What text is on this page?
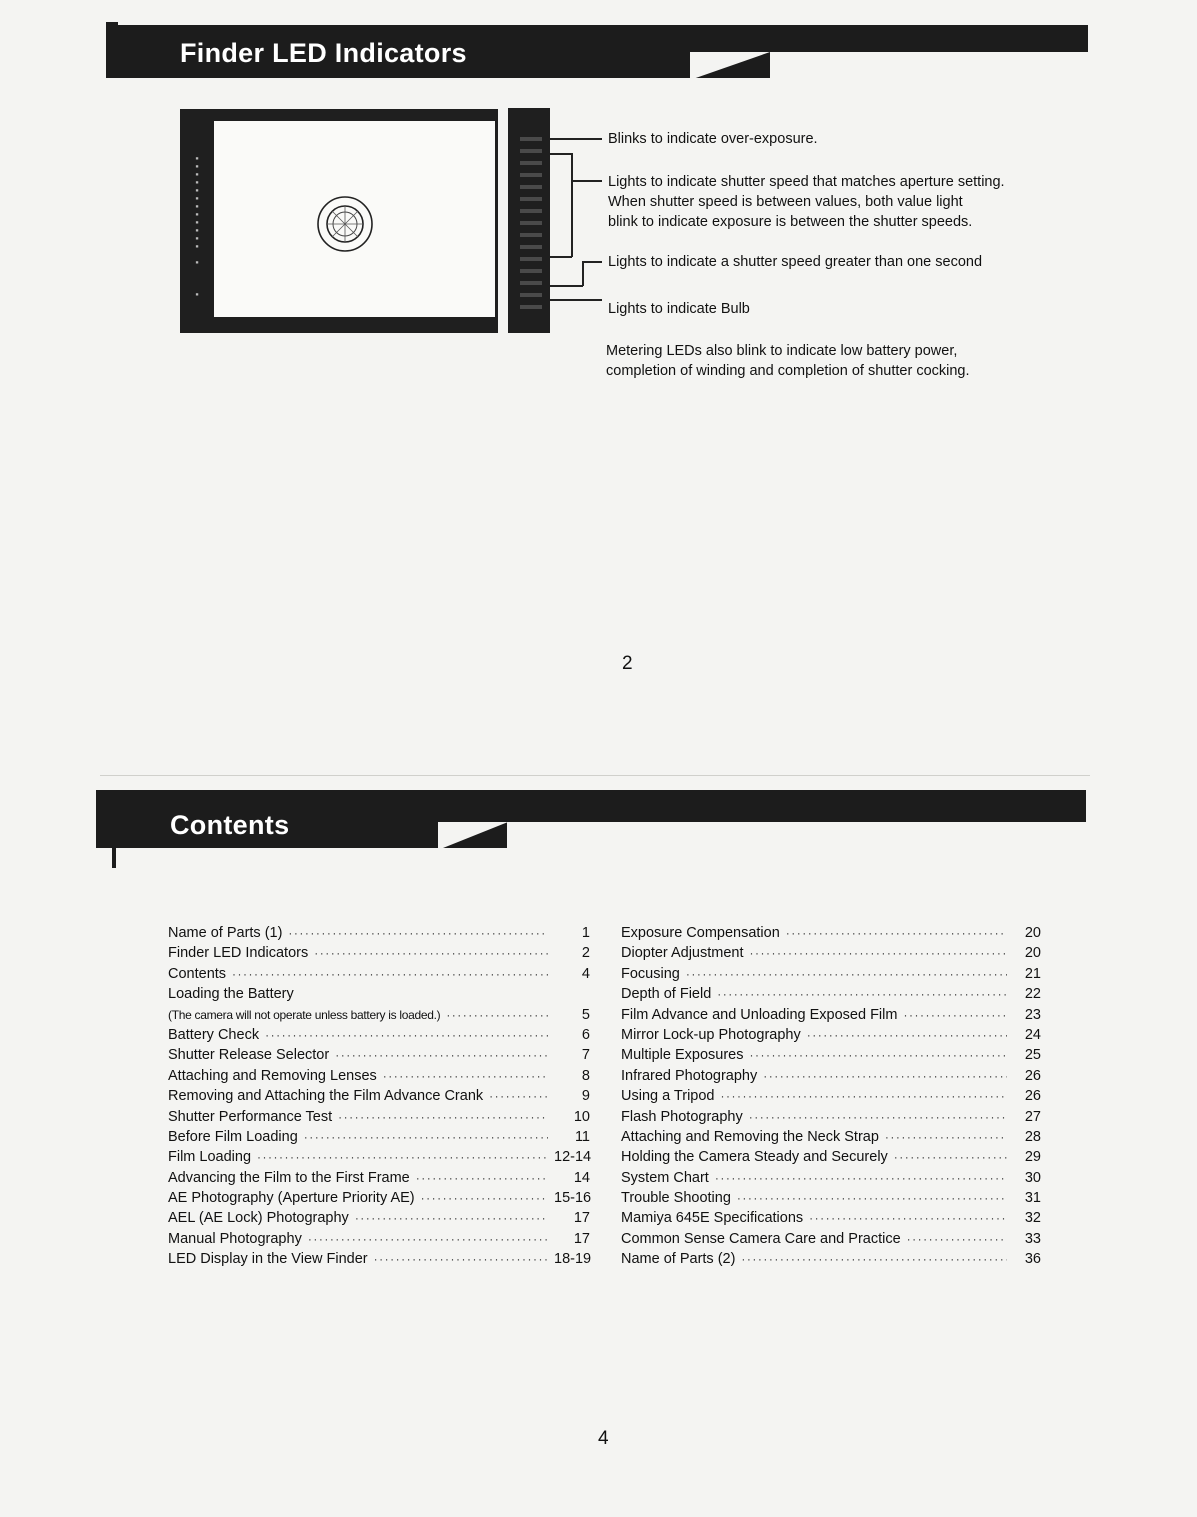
Finder LED Indicators
▪
▪
▪
▪
▪
▪
▪
▪
▪
▪
▪
▪

▪

▪
Blinks to indicate over-exposure.
Lights to indicate shutter speed that matches aperture setting.
When shutter speed is between values, both value light
blink to indicate exposure is between the shutter speeds.
Lights to indicate a shutter speed greater than one second
Lights to indicate Bulb
Metering LEDs also blink to indicate low battery power,
completion of winding and completion of shutter cocking.
2
Contents
Name of Parts (1) ·····	1
Finder LED Indicators ·····	2
Contents ·····	4
Loading the Battery
(The camera will not operate unless battery is loaded.) ·····	5
Battery Check ·····	6
Shutter Release Selector ·····	7
Attaching and Removing Lenses ·····	8
Removing and Attaching the Film Advance Crank ·····	9
Shutter Performance Test ·····	10
Before Film Loading ·····	11
Film Loading ·····	12-14
Advancing the Film to the First Frame ·····	14
AE Photography (Aperture Priority AE) ·····	15-16
AEL (AE Lock) Photography ·····	17
Manual Photography ·····	17
LED Display in the View Finder ·····	18-19
Exposure Compensation ·····	20
Diopter Adjustment ·····	20
Focusing ·····	21
Depth of Field ·····	22
Film Advance and Unloading Exposed Film ·····	23
Mirror Lock-up Photography ·····	24
Multiple Exposures ·····	25
Infrared Photography ·····	26
Using a Tripod ·····	26
Flash Photography ·····	27
Attaching and Removing the Neck Strap ·····	28
Holding the Camera Steady and Securely ·····	29
System Chart ·····	30
Trouble Shooting ·····	31
Mamiya 645E Specifications ·····	32
Common Sense Camera Care and Practice ·····	33
Name of Parts (2) ·····	36
4
